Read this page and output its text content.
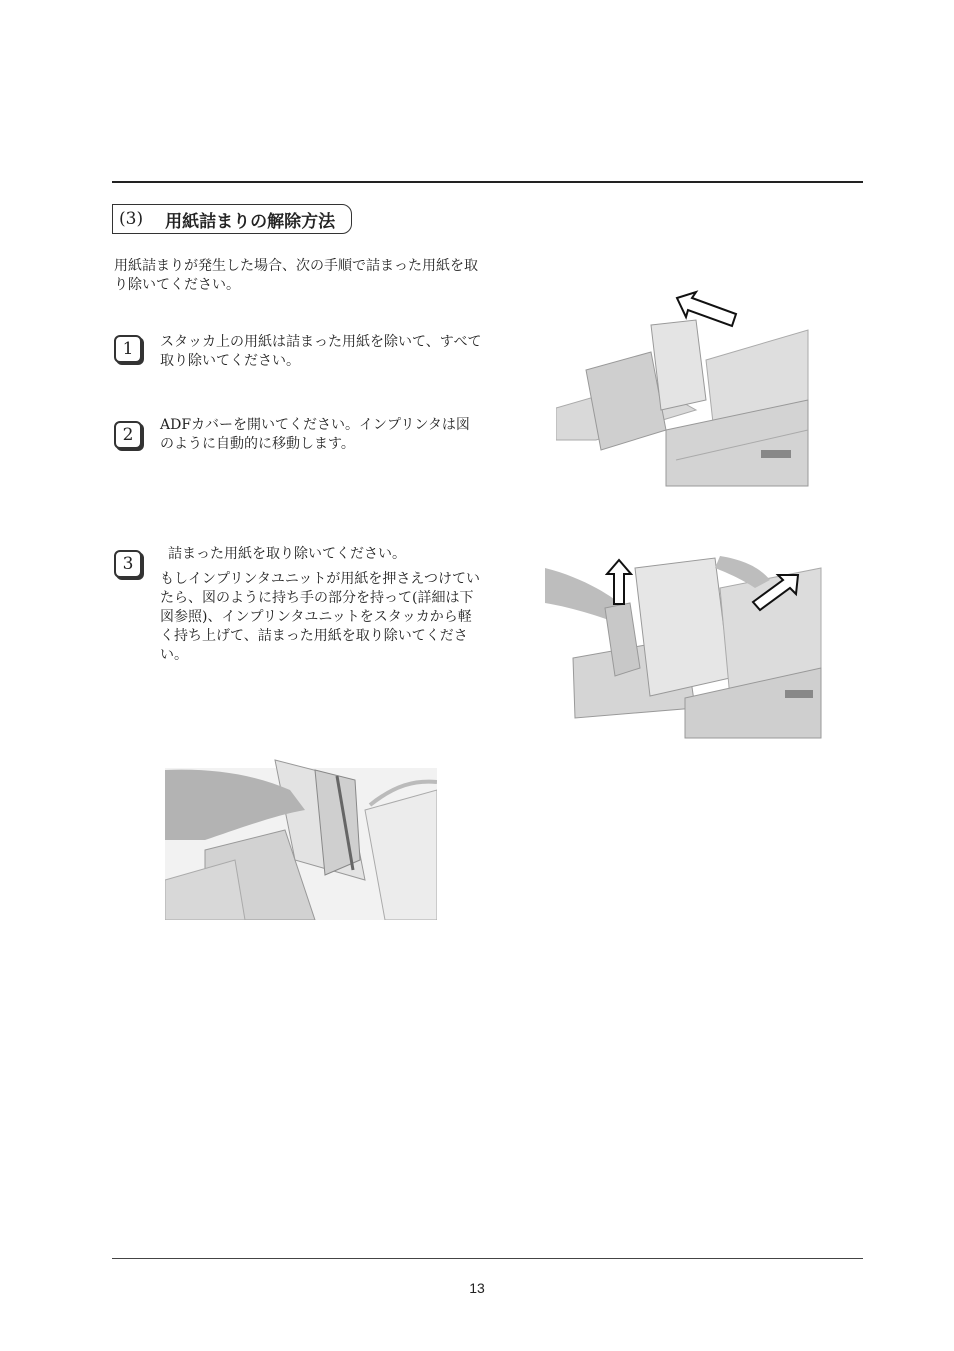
(3) 用紙詰まりの解除方法
用紙詰まりが発生した場合、次の手順で詰まった用紙を取り除いてください。
1	スタッカ上の用紙は詰まった用紙を除いて、すべて取り除いてください。
2	ADFカバーを開いてください。インプリンタは図のように自動的に移動します。
3	詰まった用紙を取り除いてください。
もしインプリンタユニットが用紙を押さえつけていたら、図のように持ち手の部分を持って(詳細は下図参照)、インプリンタユニットをスタッカから軽く持ち上げて、詰まった用紙を取り除いてください。
13
